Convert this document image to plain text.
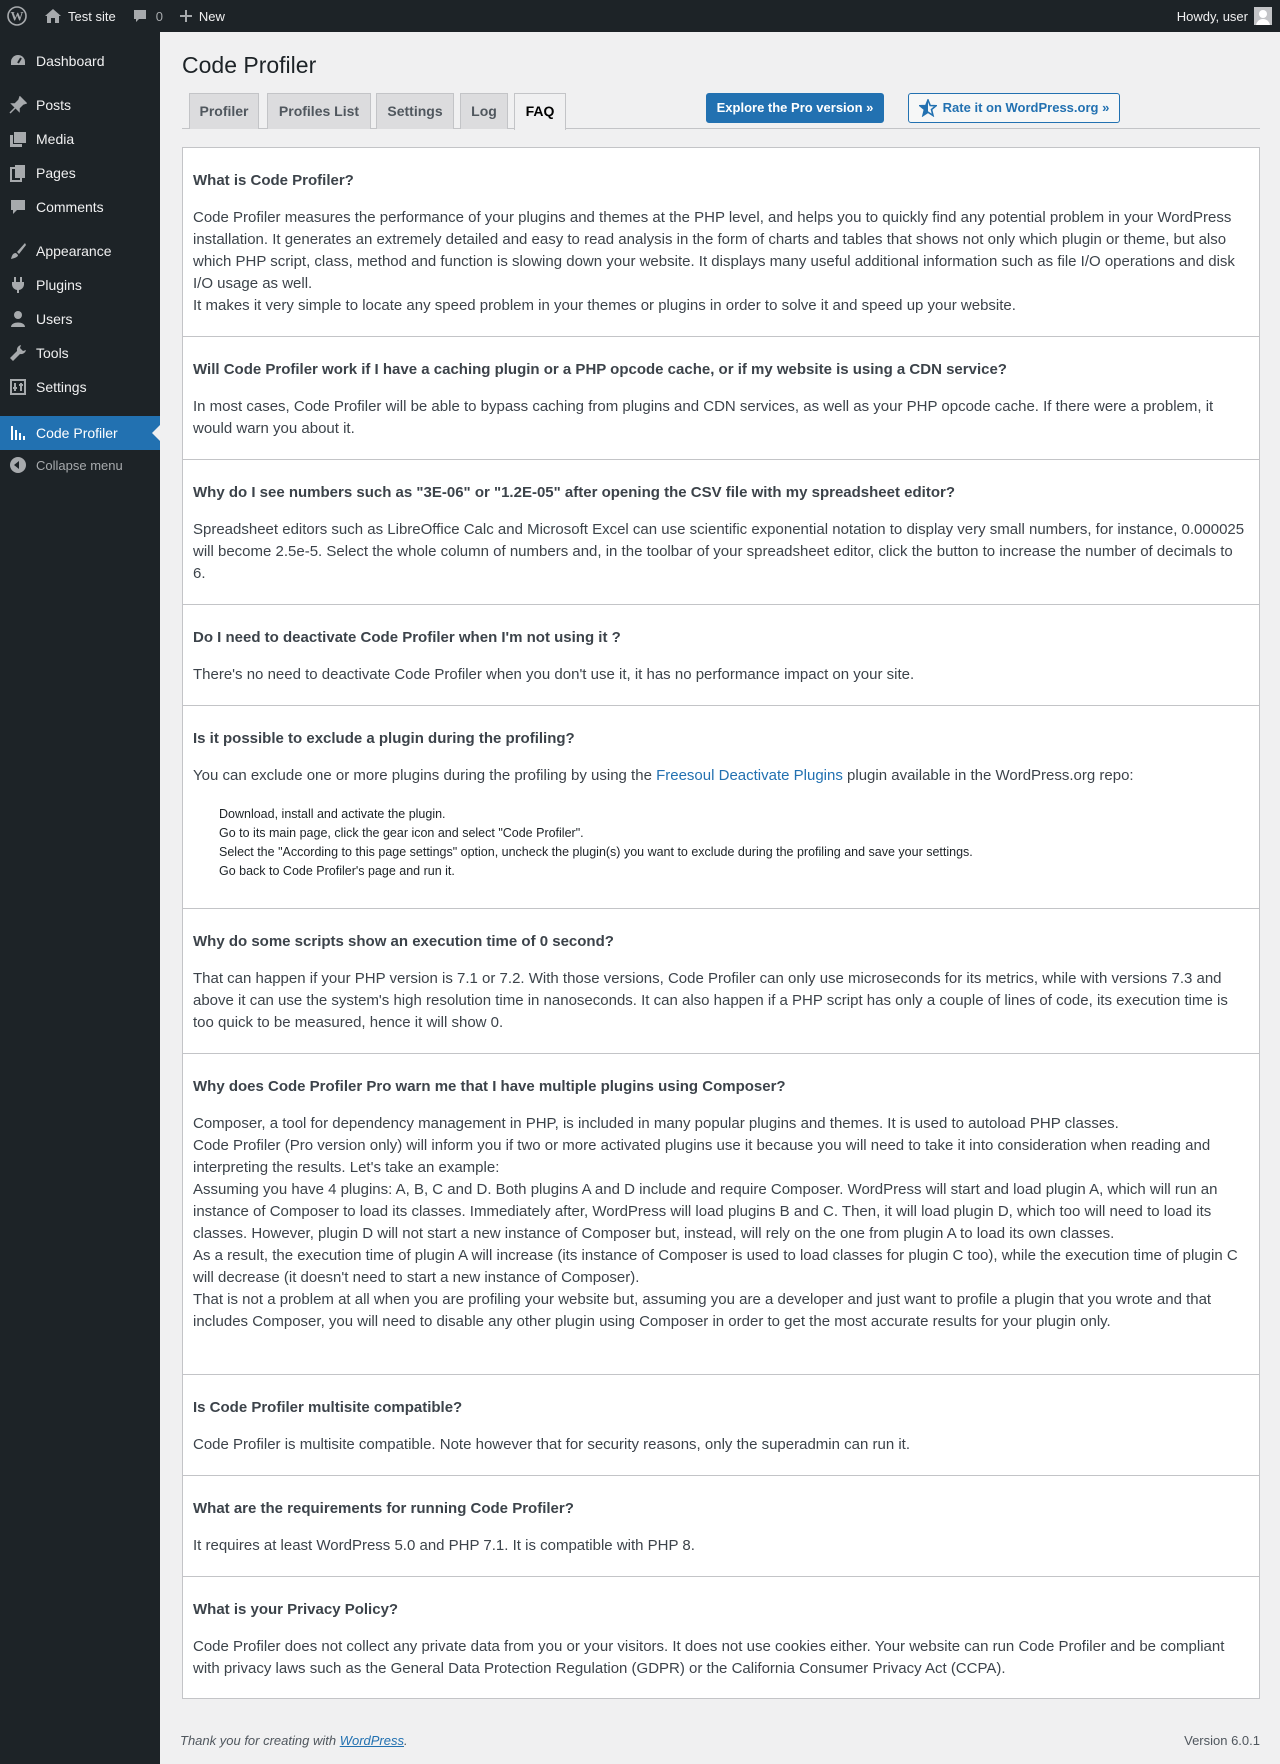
W	Test site	0	New	Howdy, user
Dashboard
Posts
Media
Pages
Comments
Appearance
Plugins
Users
Tools
Settings
Code Profiler
Collapse menu
Code Profiler
Profiler	Profiles List	Settings	Log	FAQ	Explore the Pro version »	Rate it on WordPress.org »
What is Code Profiler?

Code Profiler measures the performance of your plugins and themes at the PHP level, and helps you to quickly find any potential problem in your WordPress installation. It generates an extremely detailed and easy to read analysis in the form of charts and tables that shows not only which plugin or theme, but also which PHP script, class, method and function is slowing down your website. It displays many useful additional information such as file I/O operations and disk I/O usage as well.

It makes it very simple to locate any speed problem in your themes or plugins in order to solve it and speed up your website.

Will Code Profiler work if I have a caching plugin or a PHP opcode cache, or if my website is using a CDN service?

In most cases, Code Profiler will be able to bypass caching from plugins and CDN services, as well as your PHP opcode cache. If there were a problem, it would warn you about it.

Why do I see numbers such as "3E-06" or "1.2E-05" after opening the CSV file with my spreadsheet editor?

Spreadsheet editors such as LibreOffice Calc and Microsoft Excel can use scientific exponential notation to display very small numbers, for instance, 0.000025 will become 2.5e-5. Select the whole column of numbers and, in the toolbar of your spreadsheet editor, click the button to increase the number of decimals to 6.

Do I need to deactivate Code Profiler when I'm not using it ?

There's no need to deactivate Code Profiler when you don't use it, it has no performance impact on your site.

Is it possible to exclude a plugin during the profiling?

You can exclude one or more plugins during the profiling by using the Freesoul Deactivate Plugins plugin available in the WordPress.org repo:

Download, install and activate the plugin.
Go to its main page, click the gear icon and select "Code Profiler".
Select the "According to this page settings" option, uncheck the plugin(s) you want to exclude during the profiling and save your settings.
Go back to Code Profiler's page and run it.
Why do some scripts show an execution time of 0 second?

That can happen if your PHP version is 7.1 or 7.2. With those versions, Code Profiler can only use microseconds for its metrics, while with versions 7.3 and above it can use the system's high resolution time in nanoseconds. It can also happen if a PHP script has only a couple of lines of code, its execution time is too quick to be measured, hence it will show 0.

Why does Code Profiler Pro warn me that I have multiple plugins using Composer?

Composer, a tool for dependency management in PHP, is included in many popular plugins and themes. It is used to autoload PHP classes.

Code Profiler (Pro version only) will inform you if two or more activated plugins use it because you will need to take it into consideration when reading and interpreting the results. Let's take an example:

Assuming you have 4 plugins: A, B, C and D. Both plugins A and D include and require Composer. WordPress will start and load plugin A, which will run an instance of Composer to load its classes. Immediately after, WordPress will load plugins B and C. Then, it will load plugin D, which too will need to load its classes. However, plugin D will not start a new instance of Composer but, instead, will rely on the one from plugin A to load its own classes.

As a result, the execution time of plugin A will increase (its instance of Composer is used to load classes for plugin C too), while the execution time of plugin C will decrease (it doesn't need to start a new instance of Composer).

That is not a problem at all when you are profiling your website but, assuming you are a developer and just want to profile a plugin that you wrote and that includes Composer, you will need to disable any other plugin using Composer in order to get the most accurate results for your plugin only.

Is Code Profiler multisite compatible?

Code Profiler is multisite compatible. Note however that for security reasons, only the superadmin can run it.

What are the requirements for running Code Profiler?

It requires at least WordPress 5.0 and PHP 7.1. It is compatible with PHP 8.

What is your Privacy Policy?

Code Profiler does not collect any private data from you or your visitors. It does not use cookies either. Your website can run Code Profiler and be compliant with privacy laws such as the General Data Protection Regulation (GDPR) or the California Consumer Privacy Act (CCPA).

Thank you for creating with WordPress.	Version 6.0.1
